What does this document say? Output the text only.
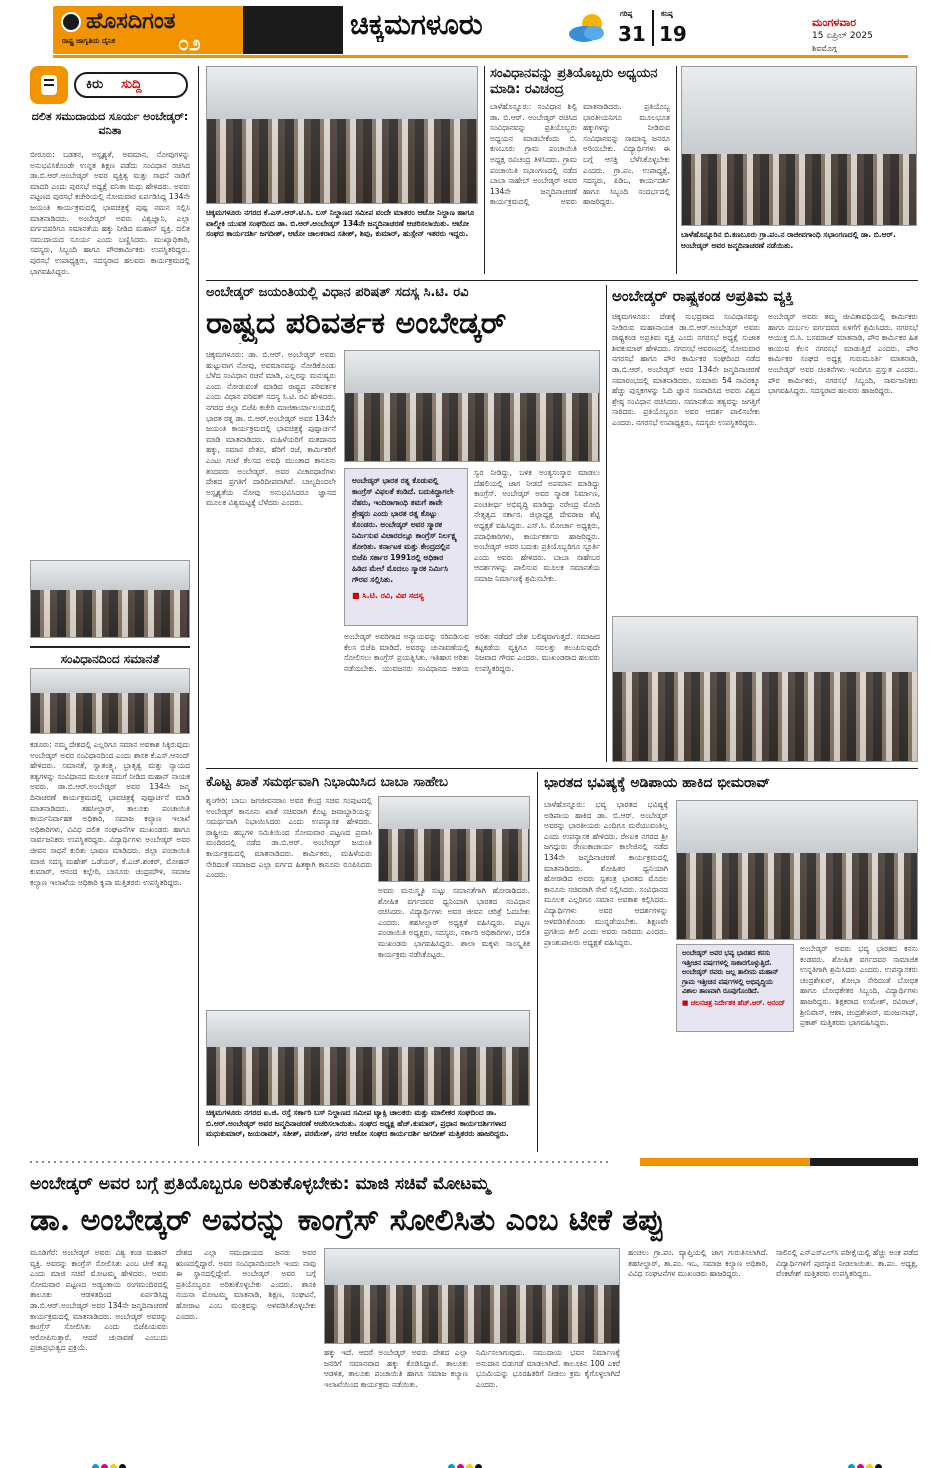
ಹೊಸದಿಗಂತ
ರಾಷ್ಟ್ರ ಜಾಗೃತಿಯ ದೈನಿಕ	೦೨
ಚಿಕ್ಕಮಗಳೂರು	ಗರಿಷ್ಠ
31
ಕನಿಷ್ಠ
19	ಮಂಗಳವಾರ
15 ಏಪ್ರಿಲ್ 2025
ಶಿವಮೊಗ್ಗ
ಕಿರು ಸುದ್ದಿ
ದಲಿತ ಸಮುದಾಯದ ಸೂರ್ಯ ಅಂಬೇಡ್ಕರ್: ವನಿತಾ
ಬೀರೂರು: ಬಡತನ, ಅಸ್ಪೃಶ್ಯತೆ, ಅವಮಾನ, ನೋವುಗಳನ್ನು ಅನುಭವಿಸಿಕೊಂಡೇ ಉನ್ನತ ಶಿಕ್ಷಣ ಪಡೆದು ಸಂವಿಧಾನ ರಚಿಸಿದ ಡಾ.ಬಿ.ಆರ್.ಅಂಬೇಡ್ಕರ್ ಅವರ ವ್ಯಕ್ತಿತ್ವ ಮತ್ತು ಸಾಧನೆ ನಾಡಿಗೆ ಮಾದರಿ ಎಂದು ಪುರಸಭೆ ಅಧ್ಯಕ್ಷೆ ವನಿತಾ ಮಧು ಹೇಳಿದರು. ಅವರು ಪಟ್ಟಣದ ಪುರಸಭೆ ಕಚೇರಿಯಲ್ಲಿ ಸೋಮವಾರ ಏರ್ಪಡಿಸಿದ್ದ 134ನೇ ಜಯಂತಿ ಕಾರ್ಯಕ್ರಮದಲ್ಲಿ ಭಾವಚಿತ್ರಕ್ಕೆ ಪುಷ್ಪ ನಮನ ಸಲ್ಲಿಸಿ ಮಾತನಾಡಿದರು. ಅಂಬೇಡ್ಕರ್ ಅವರು ವಿಶ್ವಜ್ಞಾನಿ, ಎಲ್ಲಾ ವರ್ಗದವರಿಗೂ ಸಮಾನತೆಯ ಹಕ್ಕು ನೀಡಿದ ಮಹಾನ್ ವ್ಯಕ್ತಿ. ದಲಿತ ಸಮುದಾಯದ ಸೂರ್ಯ ಎಂದು ಬಣ್ಣಿಸಿದರು. ಮುಖ್ಯಾಧಿಕಾರಿ, ಸದಸ್ಯರು, ಸಿಬ್ಬಂದಿ ಹಾಗೂ ಪೌರಕಾರ್ಮಿಕರು ಉಪಸ್ಥಿತರಿದ್ದರು. ಪುರಸಭೆ ಉಪಾಧ್ಯಕ್ಷರು, ಸದಸ್ಯರಾದ ಹಲವರು ಕಾರ್ಯಕ್ರಮದಲ್ಲಿ ಭಾಗವಹಿಸಿದ್ದರು.
ಸಂವಿಧಾನದಿಂದ ಸಮಾನತೆ
ಕಡೂರು: ನಮ್ಮ ದೇಶದಲ್ಲಿ ಎಲ್ಲರಿಗೂ ಸಮಾನ ಅವಕಾಶ ಸಿಕ್ಕಿರುವುದು ಅಂಬೇಡ್ಕರ್ ಅವರ ಸಂವಿಧಾನದಿಂದ ಎಂದು ಶಾಸಕ ಕೆ.ಎಸ್.ಆನಂದ್ ಹೇಳಿದರು. ಸಮಾನತೆ, ಸ್ವಾತಂತ್ರ್ಯ, ಭ್ರಾತೃತ್ವ ಮತ್ತು ನ್ಯಾಯದ ತತ್ವಗಳನ್ನು ಸಂವಿಧಾನದ ಮೂಲಕ ನಮಗೆ ನೀಡಿದ ಮಹಾನ್ ನಾಯಕ ಅವರು. ಡಾ.ಬಿ.ಆರ್.ಅಂಬೇಡ್ಕರ್ ಅವರ 134ನೇ ಜನ್ಮ ದಿನಾಚರಣೆ ಕಾರ್ಯಕ್ರಮದಲ್ಲಿ ಭಾವಚಿತ್ರಕ್ಕೆ ಪುಷ್ಪಾರ್ಚನೆ ಮಾಡಿ ಮಾತನಾಡಿದರು. ತಹಸೀಲ್ದಾರ್, ತಾಲೂಕು ಪಂಚಾಯಿತಿ ಕಾರ್ಯನಿರ್ವಾಹಕ ಅಧಿಕಾರಿ, ಸಮಾಜ ಕಲ್ಯಾಣ ಇಲಾಖೆ ಅಧಿಕಾರಿಗಳು, ವಿವಿಧ ದಲಿತ ಸಂಘಟನೆಗಳ ಮುಖಂಡರು ಹಾಗೂ ಸಾರ್ವಜನಿಕರು ಉಪಸ್ಥಿತರಿದ್ದರು. ವಿದ್ಯಾರ್ಥಿಗಳು ಅಂಬೇಡ್ಕರ್ ಅವರ ಜೀವನ ಸಾಧನೆ ಕುರಿತು ಭಾಷಣ ಮಾಡಿದರು. ಜಿಲ್ಲಾ ಪಂಚಾಯಿತಿ ಮಾಜಿ ಸದಸ್ಯ ಮಹೇಶ್ ಒಡೆಯರ್, ಕೆ.ಎಚ್.ಶಂಕರ್, ಮೋಹನ್ ಕುಮಾರ್, ಆನಂದ ಕಲ್ಲೇರಿ, ಬಾಸೂರು ಚಂದ್ರಮೌಳಿ, ಸಮಾಜ ಕಲ್ಯಾಣ ಇಲಾಖೆಯ ಅಧಿಕಾರಿ ಕೃಪಾ ಮತ್ತಿತರರು ಉಪಸ್ಥಿತರಿದ್ದರು.
ಚಿಕ್ಕಮಗಳೂರು ನಗರದ ಕೆ.ಎಸ್.ಆರ್.ಟಿ.ಸಿ. ಬಸ್ ನಿಲ್ದಾಣದ ಸಮೀಪ ವಂದೇ ಮಾತರಂ ಆಟೋ ನಿಲ್ದಾಣ ಹಾಗೂ ವಾಲ್ಮೀಕಿ ಯುವಕ ಸಂಘದಿಂದ ಡಾ. ಬಿ.ಆರ್.ಅಂಬೇಡ್ಕರ್ 134ನೇ ಜನ್ಮದಿನಾಚರಣೆ ಆಚರಿಸಲಾಯಿತು. ಆಟೋ ಸಂಘದ ಕಾರ್ಯದರ್ಶಿ ಜಗದೀಶ್, ಆಟೋ ಚಾಲಕರಾದ ಸತೀಶ್, ಶಿವು, ಕುಮಾರ್, ಹುಸ್ಸೇನ್ ಇತರರು ಇದ್ದರು.
ಸಂವಿಧಾನವನ್ನು ಪ್ರತಿಯೊಬ್ಬರು ಅಧ್ಯಯನ ಮಾಡಿ: ರವಿಚಂದ್ರ
ಬಾಳೆಹೊನ್ನೂರು: ಸಂವಿಧಾನ ಶಿಲ್ಪಿ ಡಾ. ಬಿ.ಆರ್. ಅಂಬೇಡ್ಕರ್ ರಚಿಸಿದ ಸಂವಿಧಾನವನ್ನು ಪ್ರತಿಯೊಬ್ಬರು ಅಧ್ಯಯನ ಮಾಡಬೇಕೆಂದು ಬಿ. ಕಣಬೂರು ಗ್ರಾಮ ಪಂಚಾಯಿತಿ ಅಧ್ಯಕ್ಷ ರವಿಚಂದ್ರ ತಿಳಿಸಿದರು. ಗ್ರಾಮ ಪಂಚಾಯಿತಿ ಸಭಾಂಗಣದಲ್ಲಿ ನಡೆದ ಬಾಬಾ ಸಾಹೇಬ್ ಅಂಬೇಡ್ಕರ್ ಅವರ 134ನೇ ಜನ್ಮದಿನಾಚರಣೆ ಕಾರ್ಯಕ್ರಮದಲ್ಲಿ ಅವರು ಮಾತನಾಡಿದರು. ಪ್ರತಿಯೊಬ್ಬ ಭಾರತೀಯನಿಗೂ ಮೂಲಭೂತ ಹಕ್ಕುಗಳನ್ನು ನೀಡಿರುವ ಸಂವಿಧಾನವನ್ನು ಸಾಮಾನ್ಯ ಜನರೂ ಅರಿಯಬೇಕು. ವಿದ್ಯಾರ್ಥಿಗಳು ಈ ಬಗ್ಗೆ ಆಸಕ್ತಿ ಬೆಳೆಸಿಕೊಳ್ಳಬೇಕು ಎಂದರು. ಗ್ರಾ.ಪಂ. ಉಪಾಧ್ಯಕ್ಷೆ, ಸದಸ್ಯರು, ಪಿಡಿಒ, ಕಾರ್ಯದರ್ಶಿ ಹಾಗೂ ಸಿಬ್ಬಂದಿ ಸಂದರ್ಭದಲ್ಲಿ ಹಾಜರಿದ್ದರು.
ಬಾಳೆಹೊನ್ನೂರಿನ ಬಿ.ಕಣಬೂರು ಗ್ರಾ.ಪಂ.ನ ರಾಜೀವಗಾಂಧಿ ಸಭಾಂಗಣದಲ್ಲಿ ಡಾ. ಬಿ.ಆರ್. ಅಂಬೇಡ್ಕರ್ ಅವರ ಜನ್ಮದಿನಾಚರಣೆ ನಡೆಯಿತು.
ಅಂಬೇಡ್ಕರ್ ಜಯಂತಿಯಲ್ಲಿ ವಿಧಾನ ಪರಿಷತ್ ಸದಸ್ಯ ಸಿ.ಟಿ. ರವಿ
ರಾಷ್ಟ್ರದ ಪರಿವರ್ತಕ ಅಂಬೇಡ್ಕರ್
ಚಿಕ್ಕಮಗಳೂರು: ಡಾ. ಬಿ.ಆರ್. ಅಂಬೇಡ್ಕರ್ ಅವರು ಹುಟ್ಟುವಾಗ ನೋವು, ಅವಮಾನವನ್ನು ನೋಡಿಕೊಂಡು ಬೆಳೆದ ಸಂವಿಧಾನ ರಚನೆ ಮಾಡಿ, ಎಲ್ಲರನ್ನು ಮನುಷ್ಯರು ಎಂದು ನೋಡುವಂತೆ ಮಾಡಿದ ರಾಷ್ಟ್ರದ ಪರಿವರ್ತಕ ಎಂದು ವಿಧಾನ ಪರಿಷತ್ ಸದಸ್ಯ ಸಿ.ಟಿ. ರವಿ ಹೇಳಿದರು. ನಗರದ ಜಿಲ್ಲಾ ಬಿಜೆಪಿ ಕಚೇರಿ ಮಾಜಿಕಾರ್ಯಾಲಯದಲ್ಲಿ ಭಾರತ ರತ್ನ ಡಾ. ಬಿ.ಆರ್.ಅಂಬೇಡ್ಕರ್ ಅವರ 134ನೇ ಜಯಂತಿ ಕಾರ್ಯಕ್ರಮದಲ್ಲಿ ಭಾವಚಿತ್ರಕ್ಕೆ ಪುಷ್ಪಾರ್ಚನೆ ಮಾಡಿ ಮಾತನಾಡಿದರು. ಮಹಿಳೆಯರಿಗೆ ಮತದಾನದ ಹಕ್ಕು, ಸಮಾನ ವೇತನ, ಹೆರಿಗೆ ರಜೆ, ಕಾರ್ಮಿಕರಿಗೆ ಎಂಟು ಗಂಟೆ ಕೆಲಸದ ಅವಧಿ ಮುಂತಾದ ಕಾನೂನು ತಂದವರು ಅಂಬೇಡ್ಕರ್. ಅವರ ವಿಚಾರಧಾರೆಗಳು ದೇಶದ ಪ್ರಗತಿಗೆ ದಾರಿದೀಪವಾಗಿವೆ. ಬಾಲ್ಯದಿಂದಲೇ ಅಸ್ಪೃಶ್ಯತೆಯ ನೋವು ಅನುಭವಿಸಿದರೂ ಜ್ಞಾನದ ಮೂಲಕ ವಿಶ್ವಮಟ್ಟಕ್ಕೆ ಬೆಳೆದರು ಎಂದರು.
ಅಂಬೇಡ್ಕರ್ ಭಾರತ ರತ್ನ ಕೊಡುವಲ್ಲಿ ಕಾಂಗ್ರೆಸ್ ವಿಫಲತೆ ಕಂಡಿದೆ. ಬದುಕಿದ್ದಾಗಲೇ ನೆಹರು, ಇಂದಿರಾಗಾಂಧಿ ತಮಗೆ ತಾವೇ ಶ್ರೇಷ್ಠರು ಎಂದು ಭಾರತ ರತ್ನ ಕೊಟ್ಟು ಕೊಂಡರು. ಅಂಬೇಡ್ಕರ್ ಅವರ ಸ್ಮಾರಕ ನಿರ್ಮಿಸುವ ವಿಚಾರದಲ್ಲೂ ಕಾಂಗ್ರೆಸ್ ನಿರ್ಲಕ್ಷ್ಯ ತೋರಿತು. ಕರ್ನಾಟಕ ಮತ್ತು ಕೇಂದ್ರದಲ್ಲಿನ ಬಿಜೆಪಿ ಸರ್ಕಾರ 1991ರಲ್ಲಿ ಅಧಿಕಾರ ಹಿಡಿದ ಮೇಲೆ ಮೊದಲು ಸ್ಮಾರಕ ನಿರ್ಮಿಸಿ ಗೌರವ ಸಲ್ಲಿಸಿತು.
■ ಸಿ.ಟಿ. ರವಿ, ವಿಪ ಸದಸ್ಯ
ಸ್ವರ ನೀಡಿದ್ದು, ಬಳಿಕ ಅಂತ್ಯಸಂಸ್ಕಾರ ಮಾಡಲು ದೆಹಲಿಯಲ್ಲಿ ಜಾಗ ನೀಡದೆ ಅಪಮಾನ ಮಾಡಿದ್ದು ಕಾಂಗ್ರೆಸ್. ಅಂಬೇಡ್ಕರ್ ಅವರ ಸ್ಮಾರಕ ನಿರ್ಮಾಣ, ಪಂಚತೀರ್ಥ ಅಭಿವೃದ್ಧಿ ಮಾಡಿದ್ದು ನರೇಂದ್ರ ಮೋದಿ ನೇತೃತ್ವದ ಸರ್ಕಾರ. ಜಿಲ್ಲಾಧ್ಯಕ್ಷ ದೇವರಾಜ ಶೆಟ್ಟಿ ಅಧ್ಯಕ್ಷತೆ ವಹಿಸಿದ್ದರು. ಎಸ್.ಸಿ. ಮೋರ್ಚಾ ಅಧ್ಯಕ್ಷರು, ಪದಾಧಿಕಾರಿಗಳು, ಕಾರ್ಯಕರ್ತರು ಹಾಜರಿದ್ದರು. ಅಂಬೇಡ್ಕರ್ ಅವರ ಬದುಕು ಪ್ರತಿಯೊಬ್ಬರಿಗೂ ಸ್ಫೂರ್ತಿ ಎಂದು ಅವರು ಹೇಳಿದರು. ಬಾಬಾ ಸಾಹೇಬರ ಆದರ್ಶಗಳನ್ನು ಪಾಲಿಸುವ ಮೂಲಕ ಸಮಾನತೆಯ ಸಮಾಜ ನಿರ್ಮಾಣಕ್ಕೆ ಶ್ರಮಿಸಬೇಕು.
ಅಂಬೇಡ್ಕರ್ ಅವರಿಗಾದ ಅನ್ಯಾಯವನ್ನು ಸರಿಪಡಿಸುವ ಕೆಲಸ ಬಿಜೆಪಿ ಮಾಡಿದೆ. ಅವರನ್ನು ಚುನಾವಣೆಯಲ್ಲಿ ಸೋಲಿಸಲು ಕಾಂಗ್ರೆಸ್ ಪ್ರಯತ್ನಿಸಿತು. ಇತಿಹಾಸ ಅರಿತು ನಡೆಯಬೇಕು. ಯುವಜನರು ಸಂವಿಧಾನದ ಆಶಯ ಅರಿತು ನಡೆದರೆ ದೇಶ ಬಲಿಷ್ಠವಾಗುತ್ತದೆ. ಸಮಾಜದ ಕಟ್ಟಕಡೆಯ ವ್ಯಕ್ತಿಗೂ ಸವಲತ್ತು ತಲುಪಿಸುವುದೇ ನಿಜವಾದ ಗೌರವ ಎಂದರು. ಮುಖಂಡರಾದ ಹಲವರು ಉಪಸ್ಥಿತರಿದ್ದರು.
ಅಂಬೇಡ್ಕರ್ ರಾಷ್ಟ್ರಕಂಡ ಅಪ್ರತಿಮ ವ್ಯಕ್ತಿ
ಚಿಕ್ಕಮಗಳೂರು: ದೇಶಕ್ಕೆ ಸುಭದ್ರವಾದ ಸಂವಿಧಾನವನ್ನು ನೀಡಿರುವ ಮಹಾನಾಯಕ ಡಾ.ಬಿ.ಆರ್.ಅಂಬೇಡ್ಕರ್ ಅವರು ರಾಷ್ಟ್ರಕಂಡ ಅಪ್ರತಿಮ ವ್ಯಕ್ತಿ ಎಂದು ನಗರಸಭೆ ಅಧ್ಯಕ್ಷೆ ಸುಜಾತ ಶಿವಕುಮಾರ್ ಹೇಳಿದರು. ನಗರಸಭೆ ಆವರಣದಲ್ಲಿ ಸೋಮವಾರ ನಗರಸಭೆ ಹಾಗೂ ಪೌರ ಕಾರ್ಮಿಕರ ಸಂಘದಿಂದ ನಡೆದ ಡಾ.ಬಿ.ಆರ್. ಅಂಬೇಡ್ಕರ್ ಅವರ 134ನೇ ಜನ್ಮದಿನಾಚರಣೆ ಸಮಾರಂಭದಲ್ಲಿ ಮಾತನಾಡಿದರು. ಸುಮಾರು 54 ಸಾವಿರಕ್ಕೂ ಹೆಚ್ಚು ಪುಸ್ತಕಗಳನ್ನು ಓದಿ ಜ್ಞಾನ ಸಂಪಾದಿಸಿದ ಅವರು ವಿಶ್ವದ ಶ್ರೇಷ್ಠ ಸಂವಿಧಾನ ರಚಿಸಿದರು. ಸಮಾನತೆಯ ತತ್ವವನ್ನು ಜಗತ್ತಿಗೆ ಸಾರಿದರು. ಪ್ರತಿಯೊಬ್ಬರೂ ಅವರ ಆದರ್ಶ ಪಾಲಿಸಬೇಕು ಎಂದರು. ನಗರಸಭೆ ಉಪಾಧ್ಯಕ್ಷರು, ಸದಸ್ಯರು ಉಪಸ್ಥಿತರಿದ್ದರು.
ಅಂಬೇಡ್ಕರ್ ಅವರು ತಮ್ಮ ಜೀವಿತಾವಧಿಯಲ್ಲಿ ಕಾರ್ಮಿಕರು ಹಾಗೂ ದುರ್ಬಲ ವರ್ಗದವರ ಏಳಿಗೆಗೆ ಶ್ರಮಿಸಿದರು. ನಗರಸಭೆ ಆಯುಕ್ತ ಬಿ.ಸಿ. ಬಸವರಾಜ್ ಮಾತನಾಡಿ, ಪೌರ ಕಾರ್ಮಿಕರ ಹಿತ ಕಾಯುವ ಕೆಲಸ ನಗರಸಭೆ ಮಾಡುತ್ತಿದೆ ಎಂದರು. ಪೌರ ಕಾರ್ಮಿಕರ ಸಂಘದ ಅಧ್ಯಕ್ಷ ಗುರುಮೂರ್ತಿ ಮಾತನಾಡಿ, ಅಂಬೇಡ್ಕರ್ ಅವರ ಚಿಂತನೆಗಳು ಇಂದಿಗೂ ಪ್ರಸ್ತುತ ಎಂದರು. ಪೌರ ಕಾರ್ಮಿಕರು, ನಗರಸಭೆ ಸಿಬ್ಬಂದಿ, ಸಾರ್ವಜನಿಕರು ಭಾಗವಹಿಸಿದ್ದರು. ಸದಸ್ಯರಾದ ಹಲವರು ಹಾಜರಿದ್ದರು.
ಕೊಟ್ಟ ಖಾತೆ ಸಮರ್ಥವಾಗಿ ನಿಭಾಯಿಸಿದ ಬಾಬಾ ಸಾಹೇಬ
ಶೃಂಗೇರಿ: ಬಾಬು ಜಗಜೀವನರಾಂ ಅವರ ಕೇಂದ್ರ ಸಚಿವ ಸಂಪುಟದಲ್ಲಿ ಅಂಬೇಡ್ಕರ್ ಕಾನೂನು ಖಾತೆ ಸಚಿವರಾಗಿ ಕೊಟ್ಟ ಜವಾಬ್ದಾರಿಯನ್ನು ಸಮರ್ಥವಾಗಿ ನಿಭಾಯಿಸಿದರು ಎಂದು ಉಪನ್ಯಾಸಕ ಹೇಳಿದರು. ರಾಷ್ಟ್ರೀಯ ಹಬ್ಬಗಳ ಸಮಿತಿಯಿಂದ ಸೋಮವಾರ ಪಟ್ಟಣದ ಪ್ರವಾಸಿ ಮಂದಿರದಲ್ಲಿ ನಡೆದ ಡಾ.ಬಿ.ಆರ್. ಅಂಬೇಡ್ಕರ್ ಜಯಂತಿ ಕಾರ್ಯಕ್ರಮದಲ್ಲಿ ಮಾತನಾಡಿದರು. ಕಾರ್ಮಿಕರು, ಮಹಿಳೆಯರು ಸೇರಿದಂತೆ ಸಮಾಜದ ಎಲ್ಲಾ ವರ್ಗದ ಹಿತಕ್ಕಾಗಿ ಕಾನೂನು ರೂಪಿಸಿದರು ಎಂದರು.
ಅವರು ಮನುಸ್ಮೃತಿ ಸುಟ್ಟು ಸಮಾನತೆಗಾಗಿ ಹೋರಾಡಿದರು. ಶೋಷಿತ ವರ್ಗದವರ ಧ್ವನಿಯಾಗಿ ಭಾರತದ ಸಂವಿಧಾನ ರಚಿಸಿದರು. ವಿದ್ಯಾರ್ಥಿಗಳು ಅವರ ಜೀವನ ಚರಿತ್ರೆ ಓದಬೇಕು ಎಂದರು. ತಹಸೀಲ್ದಾರ್ ಅಧ್ಯಕ್ಷತೆ ವಹಿಸಿದ್ದರು. ಪಟ್ಟಣ ಪಂಚಾಯಿತಿ ಅಧ್ಯಕ್ಷರು, ಸದಸ್ಯರು, ಸರ್ಕಾರಿ ಅಧಿಕಾರಿಗಳು, ದಲಿತ ಮುಖಂಡರು ಭಾಗವಹಿಸಿದ್ದರು. ಶಾಲಾ ಮಕ್ಕಳು ಸಾಂಸ್ಕೃತಿಕ ಕಾರ್ಯಕ್ರಮ ನಡೆಸಿಕೊಟ್ಟರು.
ಚಿಕ್ಕಮಗಳೂರು ನಗರದ ಐ.ಜಿ. ರಸ್ತೆ ಸರ್ಕಾರಿ ಬಸ್ ನಿಲ್ದಾಣದ ಸಮೀಪ ಟ್ಯಾಕ್ಸಿ ಚಾಲಕರು ಮತ್ತು ಮಾಲೀಕರ ಸಂಘದಿಂದ ಡಾ. ಬಿ.ಆರ್.ಅಂಬೇಡ್ಕರ್ ಅವರ ಜನ್ಮದಿನಾಚರಣೆ ಆಚರಿಸಲಾಯಿತು. ಸಂಘದ ಅಧ್ಯಕ್ಷ ಹೆಚ್.ಕುಮಾರ್, ಪ್ರಧಾನ ಕಾರ್ಯದರ್ಶಿಗಳಾದ ಮಧುಕುಮಾರ್, ಜಯರಾಮ್, ಸತೀಶ್, ಪರಮೇಶ್, ನಗರ ಆಟೋ ಸಂಘದ ಕಾರ್ಯದರ್ಶಿ ಜಗದೀಶ್ ಮತ್ತಿತರರು ಹಾಜರಿದ್ದರು.
ಭಾರತದ ಭವಿಷ್ಯಕ್ಕೆ ಅಡಿಪಾಯ ಹಾಕಿದ ಭೀಮರಾವ್
ಬಾಳೆಹೊನ್ನೂರು: ಭವ್ಯ ಭಾರತದ ಭವಿಷ್ಯಕ್ಕೆ ಅಡಿಪಾಯ ಹಾಕಿದ ಡಾ. ಬಿ.ಆರ್. ಅಂಬೇಡ್ಕರ್ ಅವರನ್ನು ಭಾರತೀಯರು ಎಂದಿಗೂ ಮರೆಯುವಂತಿಲ್ಲ ಎಂದು ಉಪನ್ಯಾಸಕ ಹೇಳಿದರು. ರೇಣುಕ ನಗರದ ಶ್ರೀ ಜಗದ್ಗುರು ರೇಣುಕಾಚಾರ್ಯ ಕಾಲೇಜಿನಲ್ಲಿ ನಡೆದ 134ನೇ ಜನ್ಮದಿನಾಚರಣೆ ಕಾರ್ಯಕ್ರಮದಲ್ಲಿ ಮಾತನಾಡಿದರು. ಶೋಷಿತರ ಧ್ವನಿಯಾಗಿ ಹೋರಾಡಿದ ಅವರು ಸ್ವತಂತ್ರ ಭಾರತದ ಮೊದಲ ಕಾನೂನು ಸಚಿವರಾಗಿ ಸೇವೆ ಸಲ್ಲಿಸಿದರು. ಸಂವಿಧಾನದ ಮೂಲಕ ಎಲ್ಲರಿಗೂ ಸಮಾನ ಅವಕಾಶ ಕಲ್ಪಿಸಿದರು. ವಿದ್ಯಾರ್ಥಿಗಳು ಅವರ ಆದರ್ಶಗಳನ್ನು ಅಳವಡಿಸಿಕೊಂಡು ಮುನ್ನಡೆಯಬೇಕು. ಶಿಕ್ಷಣವೇ ಪ್ರಗತಿಯ ಕೀಲಿ ಎಂದು ಅವರು ಸಾರಿದರು ಎಂದರು. ಪ್ರಾಂಶುಪಾಲರು ಅಧ್ಯಕ್ಷತೆ ವಹಿಸಿದ್ದರು.
ಅಂಬೇಡ್ಕರ್ ಅವರ ಭವ್ಯ ಭಾರತದ ಕನಸು ಇತ್ತೀಚಿನ ವರ್ಷಗಳಲ್ಲಿ ಸಾಕಾರಗೊಳ್ಳುತ್ತಿದೆ. ಅಂಬೇಡ್ಕರ್ ರವರು ಜಲ್ಲ ತಾಲೀಮ ಮಹಾನ್ ಗ್ರಾಮ ಇತ್ತೀಚಿನ ವರ್ಷಗಳಲ್ಲಿ ಅಭಿವೃದ್ಧಿಯ ವಿಶಾಲ ತಾಣವಾಗಿ ರೂಪುಗೊಂಡಿದೆ.
■ ಚಲನಚಿತ್ರ ನಿರ್ದೇಶಕ ಹೆಚ್.ಆರ್. ಆನಂದ್
ಅಂಬೇಡ್ಕರ್ ಅವರು ಭವ್ಯ ಭಾರತದ ಕನಸು ಕಂಡವರು. ಶೋಷಿತ ವರ್ಗದವರ ಸಾಮಾಜಿಕ ಉನ್ನತಿಗಾಗಿ ಶ್ರಮಿಸಿದರು ಎಂದರು. ಉಪನ್ಯಾಸಕರು ಚಂದ್ರಶೇಖರ್, ಶೋಭಾ ಸೇರಿದಂತೆ ಬೋಧಕ ಹಾಗೂ ಬೋಧಕೇತರ ಸಿಬ್ಬಂದಿ, ವಿದ್ಯಾರ್ಥಿಗಳು ಹಾಜರಿದ್ದರು. ಶಿಕ್ಷಕರಾದ ಉಮೇಶ್, ರವಿರಾಜ್, ಶ್ರೀನಿವಾಸ್, ಆಶಾ, ಚಂದ್ರಶೇಖರ್, ಮಂಜುನಾಥ್, ಪ್ರಕಾಶ್ ಮತ್ತಿತರರು ಭಾಗವಹಿಸಿದ್ದರು.
ಅಂಬೇಡ್ಕರ್ ಅವರ ಬಗ್ಗೆ ಪ್ರತಿಯೊಬ್ಬರೂ ಅರಿತುಕೊಳ್ಳಬೇಕು: ಮಾಜಿ ಸಚಿವೆ ಮೋಟಮ್ಮ
ಡಾ. ಅಂಬೇಡ್ಕರ್ ಅವರನ್ನು ಕಾಂಗ್ರೆಸ್ ಸೋಲಿಸಿತು ಎಂಬ ಟೀಕೆ ತಪ್ಪು
ಮೂಡಿಗೆರೆ: ಅಂಬೇಡ್ಕರ್ ಅವರು ವಿಶ್ವ ಕಂಡ ಮಹಾನ್ ವ್ಯಕ್ತಿ. ಅವರನ್ನು ಕಾಂಗ್ರೆಸ್ ಸೋಲಿಸಿತು ಎಂಬ ಟೀಕೆ ತಪ್ಪು ಎಂದು ಮಾಜಿ ಸಚಿವೆ ಮೋಟಮ್ಮ ಹೇಳಿದರು. ಅವರು ಸೋಮವಾರ ಪಟ್ಟಣದ ಅಡ್ಯಂತಾಯ ರಂಗಮಂದಿರದಲ್ಲಿ ತಾಲೂಕು ಆಡಳಿತದಿಂದ ಏರ್ಪಡಿಸಿದ್ದ ಡಾ.ಬಿ.ಆರ್.ಅಂಬೇಡ್ಕರ್ ಅವರ 134ನೇ ಜನ್ಮದಿನಾಚರಣೆ ಕಾರ್ಯಕ್ರಮದಲ್ಲಿ ಮಾತನಾಡಿದರು. ಅಂಬೇಡ್ಕರ್ ಅವರನ್ನು ಕಾಂಗ್ರೆಸ್ ಸೋಲಿಸಿತು ಎಂದು ಬಿಜೆಪಿಯವರು ಆರೋಪಿಸುತ್ತಾರೆ. ಆದರೆ ಚುನಾವಣೆ ಎಂಬುದು ಪ್ರಜಾಪ್ರಭುತ್ವದ ಪ್ರಕ್ರಿಯೆ.
ದೇಶದ ಎಲ್ಲಾ ಸಮುದಾಯದ ಜನರು ಅವರ ಋಣದಲ್ಲಿದ್ದಾರೆ. ಅವರ ಸಂವಿಧಾನದಿಂದಲೇ ಇಂದು ನಾವು ಈ ಸ್ಥಾನದಲ್ಲಿದ್ದೇವೆ. ಅಂಬೇಡ್ಕರ್ ಅವರ ಬಗ್ಗೆ ಪ್ರತಿಯೊಬ್ಬರೂ ಅರಿತುಕೊಳ್ಳಬೇಕು ಎಂದರು. ಶಾಸಕಿ ನಯನಾ ಮೋಟಮ್ಮ ಮಾತನಾಡಿ, ಶಿಕ್ಷಣ, ಸಂಘಟನೆ, ಹೋರಾಟ ಎಂಬ ಮಂತ್ರವನ್ನು ಅಳವಡಿಸಿಕೊಳ್ಳಬೇಕು ಎಂದರು.
ಹಕ್ಕು ಇದೆ. ಆದರೆ ಅಂಬೇಡ್ಕರ್ ಅವರು ದೇಶದ ಎಲ್ಲಾ ಜನರಿಗೆ ಸಮಾನವಾದ ಹಕ್ಕು ಕೊಡಿಸಿದ್ದಾರೆ. ತಾಲೂಕು ಆಡಳಿತ, ತಾಲೂಕು ಪಂಚಾಯಿತಿ ಹಾಗೂ ಸಮಾಜ ಕಲ್ಯಾಣ ಇಲಾಖೆಯಿಂದ ಕಾರ್ಯಕ್ರಮ ನಡೆಯಿತು.
ನಿರ್ಮಿಸಲಾಗುವುದು. ಸಮುದಾಯ ಭವನ ನಿರ್ಮಾಣಕ್ಕೆ ಅನುದಾನ ಬಿಡುಗಡೆ ಮಾಡಲಾಗಿದೆ. ತಾಲೂಕಿನ 100 ಎಕರೆ ಭೂಮಿಯನ್ನು ಭೂರಹಿತರಿಗೆ ನೀಡಲು ಕ್ರಮ ಕೈಗೊಳ್ಳಲಾಗಿದೆ ಎಂದರು.
ಹಂಚಲು ಗ್ರಾ.ಪಂ. ವ್ಯಾಪ್ತಿಯಲ್ಲಿ ಜಾಗ ಗುರುತಿಸಲಾಗಿದೆ. ತಹಸೀಲ್ದಾರ್, ತಾ.ಪಂ. ಇಒ, ಸಮಾಜ ಕಲ್ಯಾಣ ಅಧಿಕಾರಿ, ವಿವಿಧ ಸಂಘಟನೆಗಳ ಮುಖಂಡರು ಹಾಜರಿದ್ದರು.
ಸಾಲಿನಲ್ಲಿ ಎಸ್‌ಎಸ್‌ಎಲ್‌ಸಿ ಪರೀಕ್ಷೆಯಲ್ಲಿ ಹೆಚ್ಚು ಅಂಕ ಪಡೆದ ವಿದ್ಯಾರ್ಥಿಗಳಿಗೆ ಪುರಸ್ಕಾರ ನೀಡಲಾಯಿತು. ತಾ.ಪಂ. ಅಧ್ಯಕ್ಷ, ವೆಂಕಟೇಶ್ ಮತ್ತಿತರರು ಉಪಸ್ಥಿತರಿದ್ದರು.
